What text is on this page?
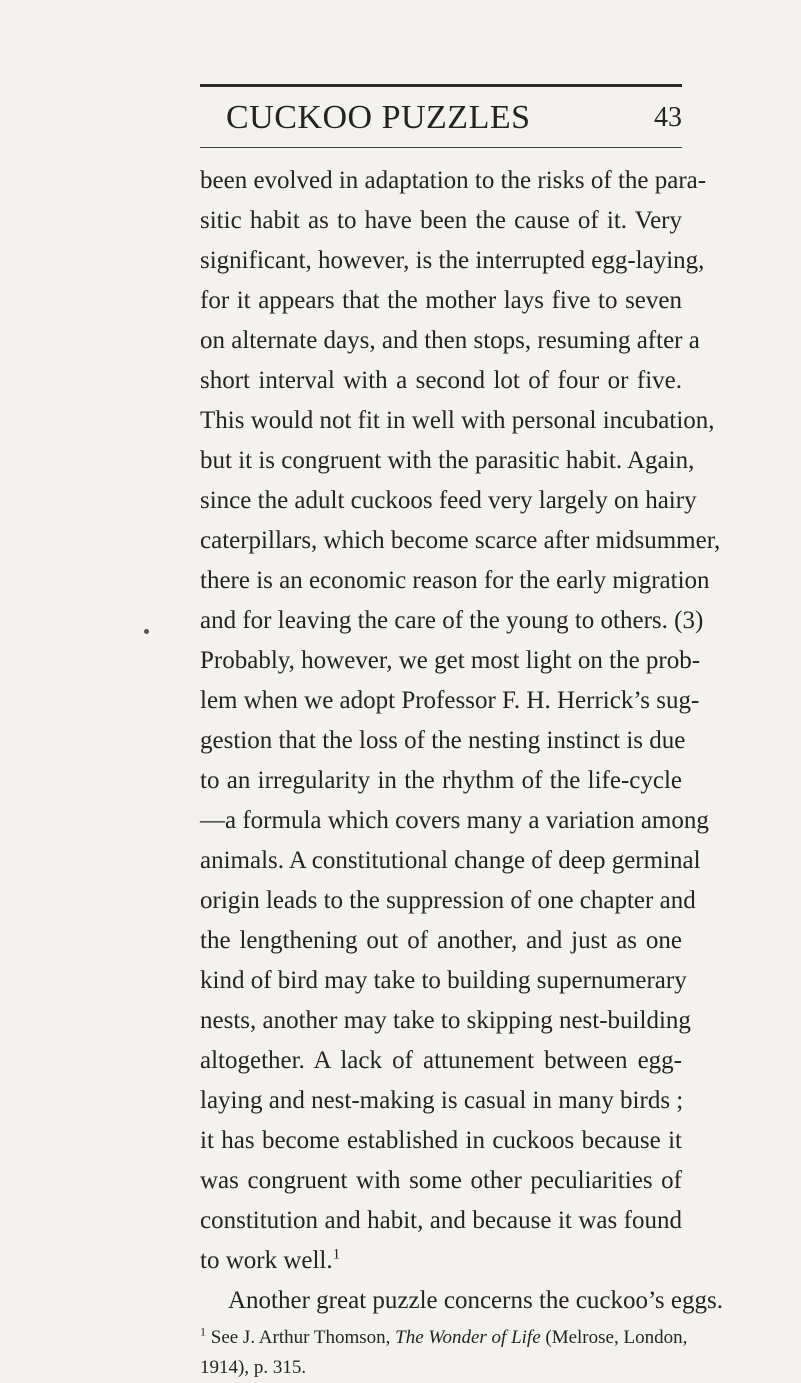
CUCKOO PUZZLES	43
been evolved in adaptation to the risks of the para-
sitic habit as to have been the cause of it. Very
significant, however, is the interrupted egg-laying,
for it appears that the mother lays five to seven
on alternate days, and then stops, resuming after a
short interval with a second lot of four or five.
This would not fit in well with personal incubation,
but it is congruent with the parasitic habit. Again,
since the adult cuckoos feed very largely on hairy
caterpillars, which become scarce after midsummer,
there is an economic reason for the early migration
and for leaving the care of the young to others. (3)
Probably, however, we get most light on the prob-
lem when we adopt Professor F. H. Herrick’s sug-
gestion that the loss of the nesting instinct is due
to an irregularity in the rhythm of the life-cycle
—a formula which covers many a variation among
animals. A constitutional change of deep germinal
origin leads to the suppression of one chapter and
the lengthening out of another, and just as one
kind of bird may take to building supernumerary
nests, another may take to skipping nest-building
altogether. A lack of attunement between egg-
laying and nest-making is casual in many birds ;
it has become established in cuckoos because it
was congruent with some other peculiarities of
constitution and habit, and because it was found
to work well.$^1$
Another great puzzle concerns the cuckoo’s eggs.
$^1$ See J. Arthur Thomson, The Wonder of Life (Melrose, London,
1914), p. 315.
